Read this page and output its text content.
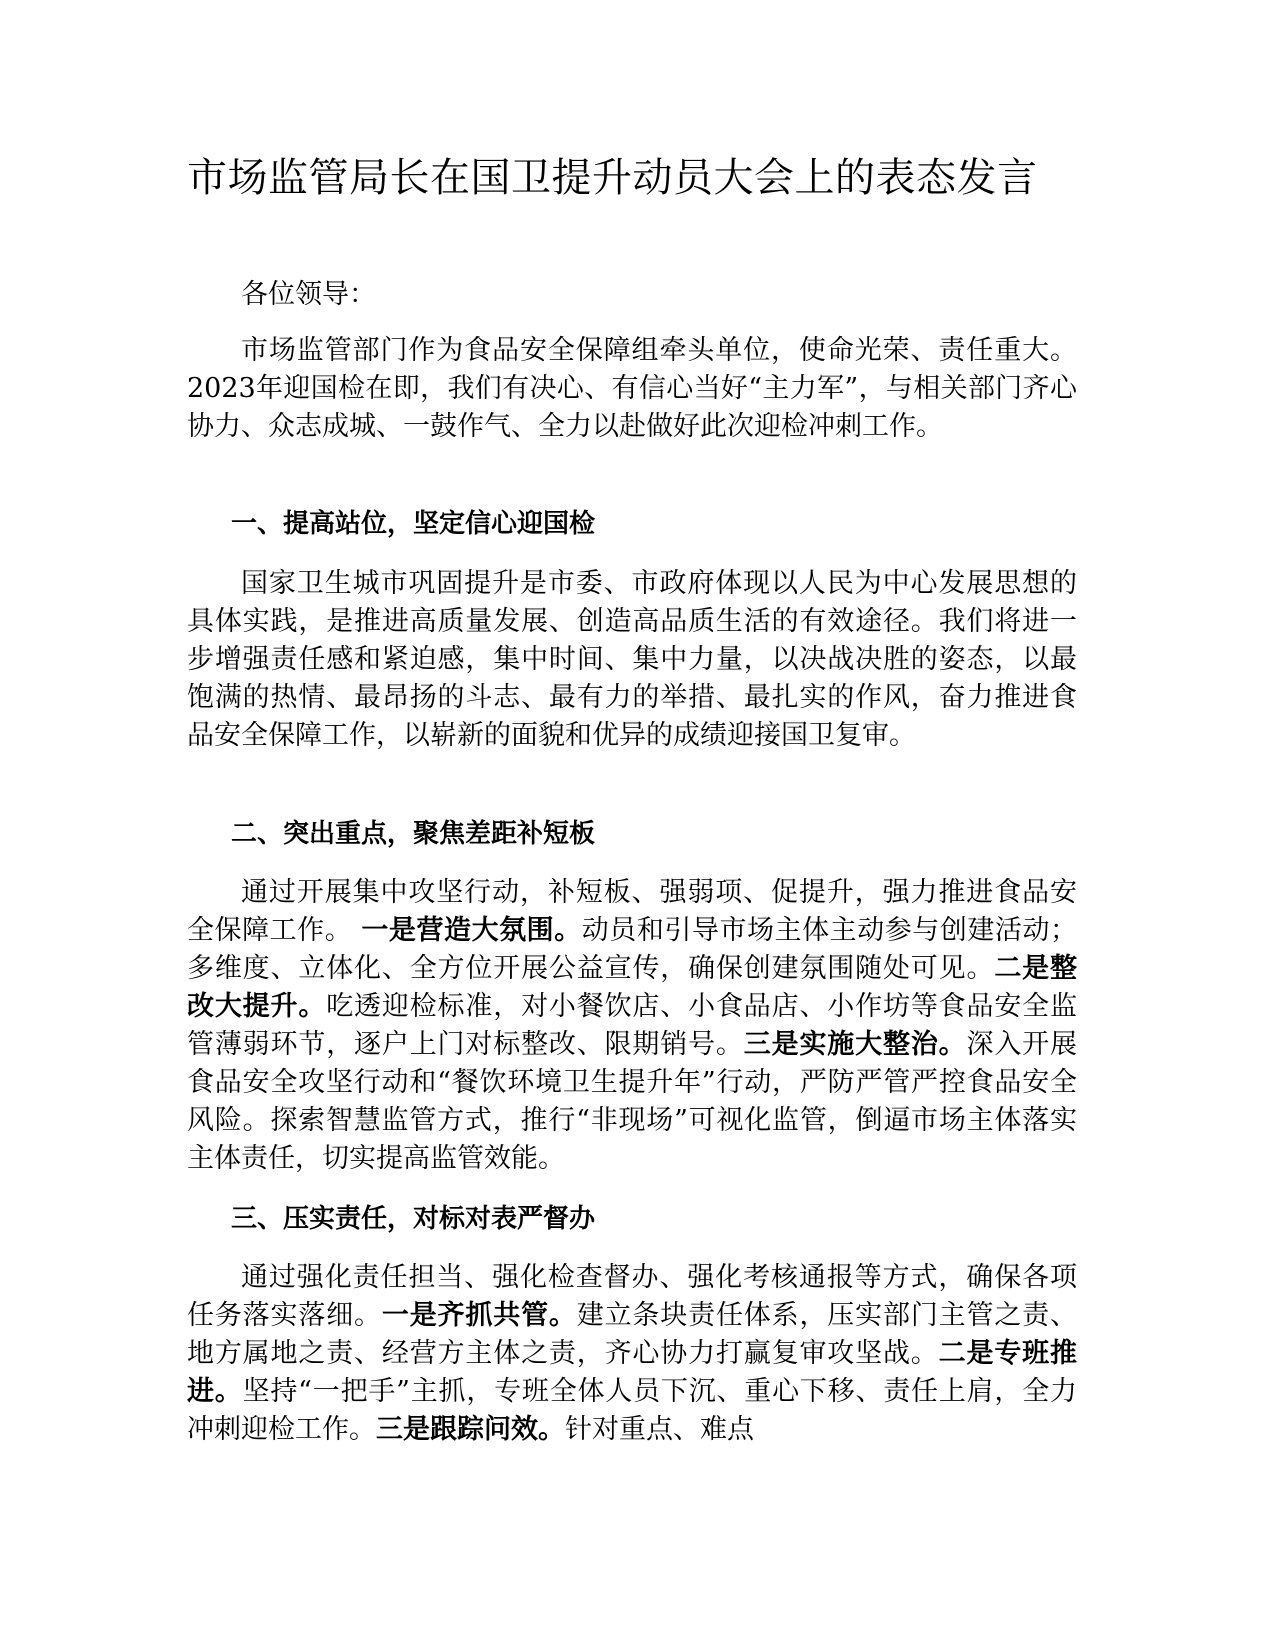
市场监管局长在国卫提升动员大会上的表态发言
各位领导：
市场监管部门作为食品安全保障组牵头单位，使命光荣、责任重大。2023年迎国检在即，我们有决心、有信心当好“主力军”，与相关部门齐心协力、众志成城、一鼓作气、全力以赴做好此次迎检冲刺工作。
一、提高站位，坚定信心迎国检
国家卫生城市巩固提升是市委、市政府体现以人民为中心发展思想的具体实践，是推进高质量发展、创造高品质生活的有效途径。我们将进一步增强责任感和紧迫感，集中时间、集中力量，以决战决胜的姿态，以最饱满的热情、最昂扬的斗志、最有力的举措、最扎实的作风，奋力推进食品安全保障工作，以崭新的面貌和优异的成绩迎接国卫复审。
二、突出重点，聚焦差距补短板
通过开展集中攻坚行动，补短板、强弱项、促提升，强力推进食品安全保障工作。 一是营造大氛围。动员和引导市场主体主动参与创建活动；多维度、立体化、全方位开展公益宣传，确保创建氛围随处可见。二是整改大提升。吃透迎检标准，对小餐饮店、小食品店、小作坊等食品安全监管薄弱环节，逐户上门对标整改、限期销号。三是实施大整治。深入开展食品安全攻坚行动和“餐饮环境卫生提升年”行动，严防严管严控食品安全风险。探索智慧监管方式，推行“非现场”可视化监管，倒逼市场主体落实主体责任，切实提高监管效能。
三、压实责任，对标对表严督办
通过强化责任担当、强化检查督办、强化考核通报等方式，确保各项任务落实落细。一是齐抓共管。建立条块责任体系，压实部门主管之责、地方属地之责、经营方主体之责，齐心协力打赢复审攻坚战。二是专班推进。坚持“一把手”主抓，专班全体人员下沉、重心下移、责任上肩，全力冲刺迎检工作。三是跟踪问效。针对重点、难点
